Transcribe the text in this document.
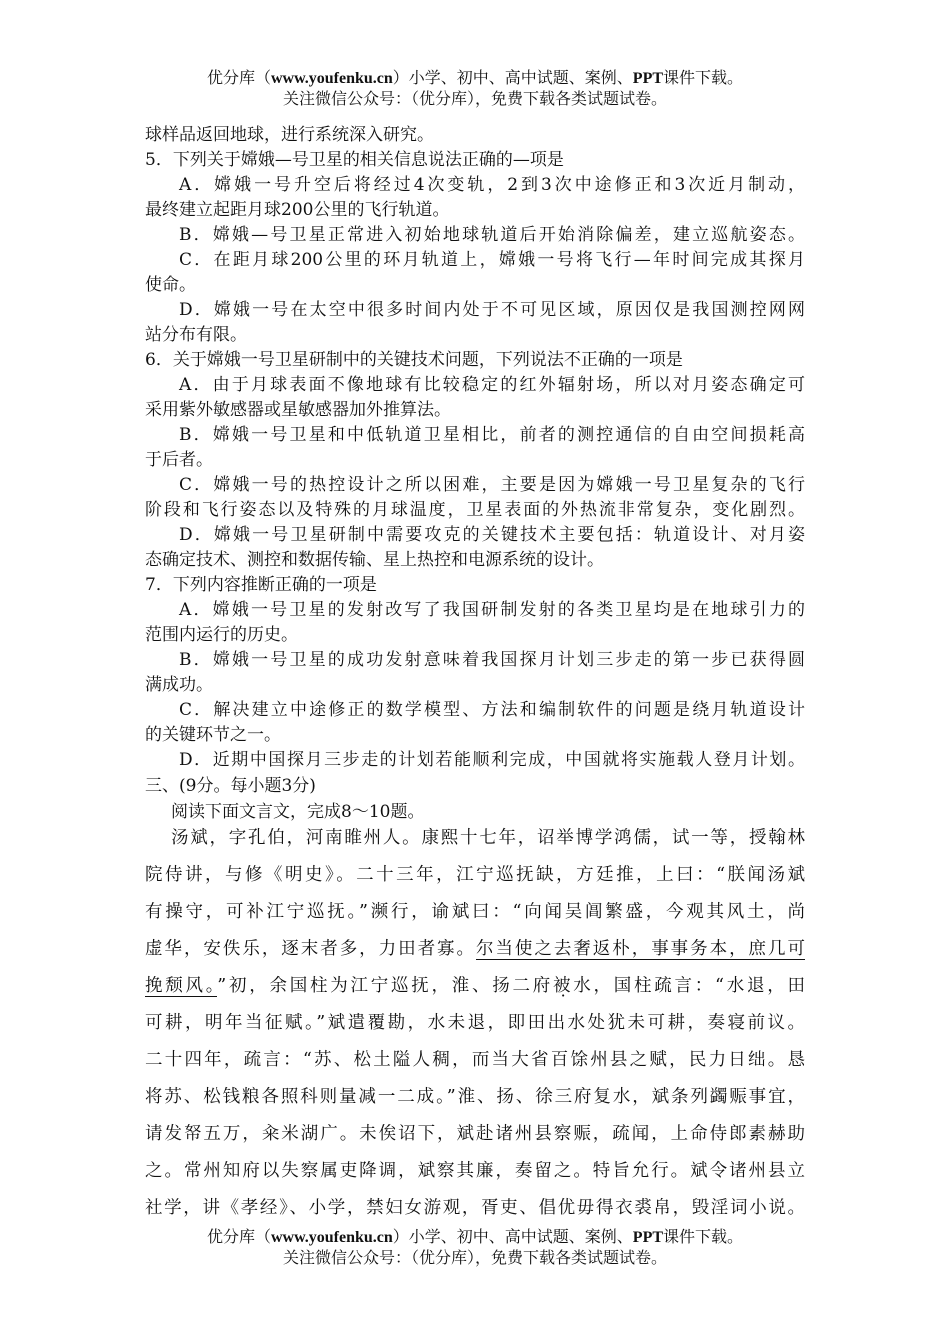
优分库（www.youfenku.cn）小学、初中、高中试题、案例、PPT课件下载。
关注微信公众号：（优分库），免费下载各类试题试卷。
球样品返回地球，进行系统深入研究。
5．下列关于嫦娥—号卫星的相关信息说法正确的—项是
A．嫦娥一号升空后将经过4次变轨，2到3次中途修正和3次近月制动，
最终建立起距月球200公里的飞行轨道。
B．嫦娥—号卫星正常进入初始地球轨道后开始消除偏差，建立巡航姿态。
C．在距月球200公里的环月轨道上，嫦娥一号将飞行—年时间完成其探月
使命。
D．嫦娥一号在太空中很多时间内处于不可见区域，原因仅是我国测控网网
站分布有限。
6．关于嫦娥一号卫星研制中的关键技术问题，下列说法不正确的一项是
A．由于月球表面不像地球有比较稳定的红外辐射场，所以对月姿态确定可
采用紫外敏感器或星敏感器加外推算法。
B．嫦娥一号卫星和中低轨道卫星相比，前者的测控通信的自由空间损耗高
于后者。
C．嫦娥一号的热控设计之所以困难，主要是因为嫦娥一号卫星复杂的飞行
阶段和飞行姿态以及特殊的月球温度，卫星表面的外热流非常复杂，变化剧烈。
D．嫦娥一号卫星研制中需要攻克的关键技术主要包括：轨道设计、对月姿
态确定技术、测控和数据传输、星上热控和电源系统的设计。
7．下列内容推断正确的一项是
A．嫦娥一号卫星的发射改写了我国研制发射的各类卫星均是在地球引力的
范围内运行的历史。
B．嫦娥一号卫星的成功发射意味着我国探月计划三步走的第一步已获得圆
满成功。
C．解决建立中途修正的数学模型、方法和编制软件的问题是绕月轨道设计
的关键环节之一。
D．近期中国探月三步走的计划若能顺利完成，中国就将实施载人登月计划。
三、(9分。每小题3分)
阅读下面文言文，完成8～10题。
汤斌，字孔伯，河南睢州人。康熙十七年，诏举博学鸿儒，试一等，授翰林
院侍讲，与修《明史》。二十三年，江宁巡抚缺，方廷推，上曰：“朕闻汤斌
有操守，可补江宁巡抚。”濒行，谕斌曰：“向闻吴阊繁盛，今观其风土，尚
虚华，安佚乐，逐末者多，力田者寡。尔当使之去奢返朴，事事务本，庶几可
挽颓风。”初，余国柱为江宁巡抚，淮、扬二府被水，国柱疏言：“水退，田
可耕，明年当征赋。”斌遣覆勘，水未退，即田出水处犹未可耕，奏寝前议。
二十四年，疏言：“苏、松土隘人稠，而当大省百馀州县之赋，民力日绌。恳
将苏、松钱粮各照科则量减一二成。”淮、扬、徐三府复水，斌条列蠲赈事宜，
请发帑五万，籴米湖广。未俟诏下，斌赴诸州县察赈，疏闻，上命侍郎素赫助
之。常州知府以失察属吏降调，斌察其廉，奏留之。特旨允行。斌令诸州县立
社学，讲《孝经》、小学，禁妇女游观，胥吏、倡优毋得衣裘帛，毁淫词小说。
优分库（www.youfenku.cn）小学、初中、高中试题、案例、PPT课件下载。
关注微信公众号：（优分库），免费下载各类试题试卷。
